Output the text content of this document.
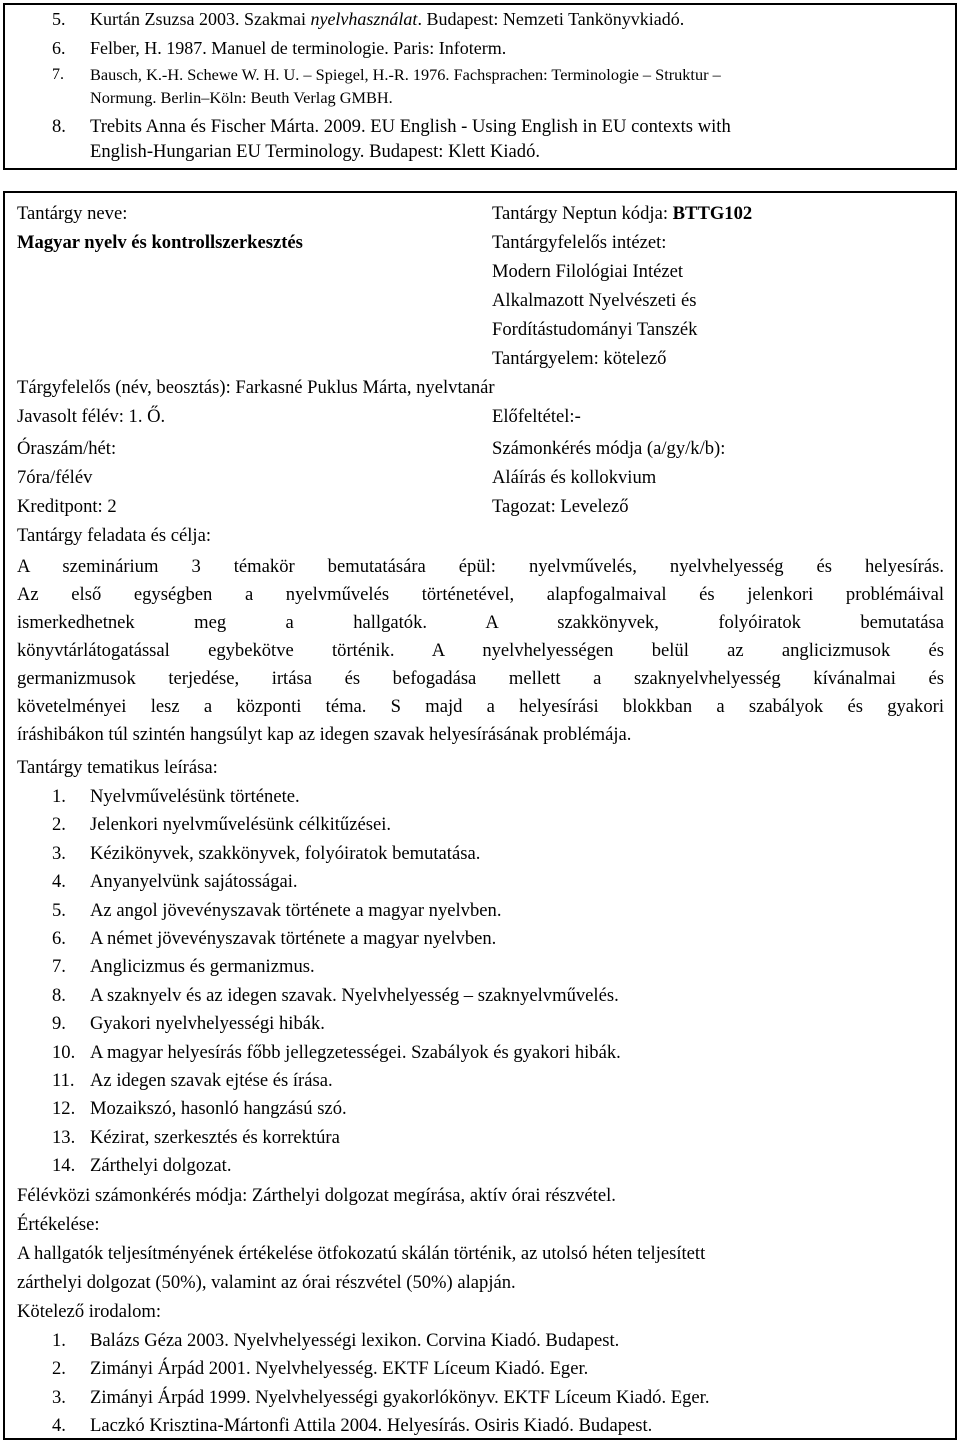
5. Kurtán Zsuzsa 2003. Szakmai nyelvhasználat. Budapest: Nemzeti Tankönyvkiadó.
6. Felber, H. 1987. Manuel de terminologie. Paris: Infoterm.
7. Bausch, K.-H. Schewe W. H. U. – Spiegel, H.-R. 1976. Fachsprachen: Terminologie – Struktur –
Normung. Berlin–Köln: Beuth Verlag GMBH.
8. Trebits Anna és Fischer Márta. 2009. EU English - Using English in EU contexts with
English-Hungarian EU Terminology. Budapest: Klett Kiadó.
Tantárgy neve:
Magyar nyelv és kontrollszerkesztés
Tantárgy Neptun kódja: BTTG102
Tantárgyfelelős intézet:
Modern Filológiai Intézet
Alkalmazott Nyelvészeti és
Fordítástudományi Tanszék
Tantárgyelem: kötelező
Tárgyfelelős (név, beosztás): Farkasné Puklus Márta, nyelvtanár
Javasolt félév: 1. Ő.	Előfeltétel:-
Óraszám/hét:
7óra/félév
Számonkérés módja (a/gy/k/b):
Aláírás és kollokvium
Kreditpont: 2	Tagozat: Levelező
Tantárgy feladata és célja:
A szeminárium 3 témakör bemutatására épül: nyelvművelés, nyelvhelyesség és helyesírás.
Az első egységben a nyelvművelés történetével, alapfogalmaival és jelenkori problémáival
ismerkedhetnek meg a hallgatók. A szakkönyvek, folyóiratok bemutatása
könyvtárlátogatással egybekötve történik. A nyelvhelyességen belül az anglicizmusok és
germanizmusok terjedése, irtása és befogadása mellett a szaknyelvhelyesség kívánalmai és
követelményei lesz a központi téma. S majd a helyesírási blokkban a szabályok és gyakori
íráshibákon túl szintén hangsúlyt kap az idegen szavak helyesírásának problémája.
Tantárgy tematikus leírása:
1. Nyelvművelésünk története.
2. Jelenkori nyelvművelésünk célkitűzései.
3. Kézikönyvek, szakkönyvek, folyóiratok bemutatása.
4. Anyanyelvünk sajátosságai.
5. Az angol jövevényszavak története a magyar nyelvben.
6. A német jövevényszavak története a magyar nyelvben.
7. Anglicizmus és germanizmus.
8. A szaknyelv és az idegen szavak. Nyelvhelyesség – szaknyelvművelés.
9. Gyakori nyelvhelyességi hibák.
10. A magyar helyesírás főbb jellegzetességei. Szabályok és gyakori hibák.
11. Az idegen szavak ejtése és írása.
12. Mozaikszó, hasonló hangzású szó.
13. Kézirat, szerkesztés és korrektúra
14. Zárthelyi dolgozat.
Félévközi számonkérés módja: Zárthelyi dolgozat megírása, aktív órai részvétel.
Értékelése:
A hallgatók teljesítményének értékelése ötfokozatú skálán történik, az utolsó héten teljesített
zárthelyi dolgozat (50%), valamint az órai részvétel (50%) alapján.
Kötelező irodalom:
1. Balázs Géza 2003. Nyelvhelyességi lexikon. Corvina Kiadó. Budapest.
2. Zimányi Árpád 2001. Nyelvhelyesség. EKTF Líceum Kiadó. Eger.
3. Zimányi Árpád 1999. Nyelvhelyességi gyakorlókönyv. EKTF Líceum Kiadó. Eger.
4. Laczkó Krisztina-Mártonfi Attila 2004. Helyesírás. Osiris Kiadó. Budapest.
